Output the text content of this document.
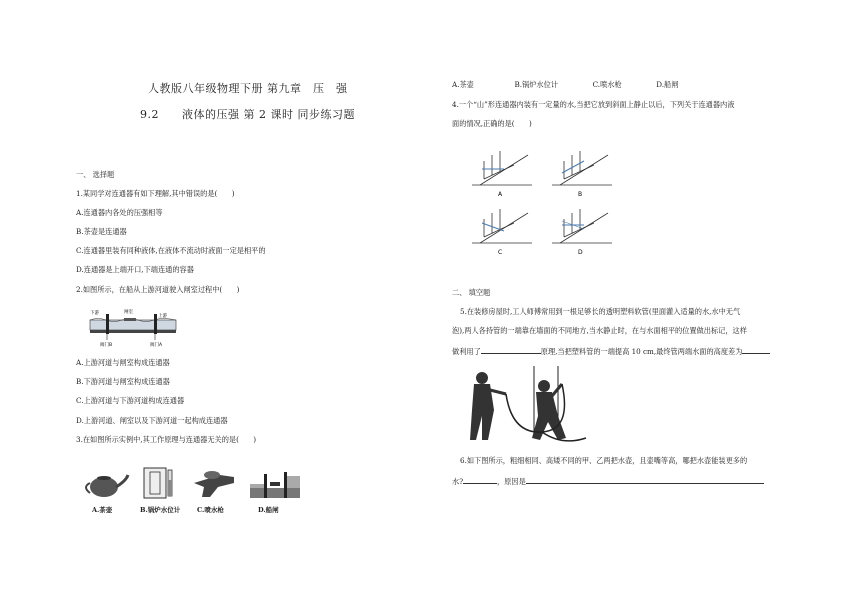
人教版八年级物理下册 第九章　压　强
9.2　　液体的压强 第 2 课时 同步练习题
一、 选择题
1.某同学对连通器有如下理解,其中错误的是(　　)
A.连通器内各处的压强相等
B.茶壶是连通器
C.连通器里装有同种液体,在液体不流动时液面一定是相平的
D.连通器是上端开口,下端连通的容器
2.如图所示，在船从上游河道驶入闸室过程中(　　)
下游	闸室
上游
阀门B	阀门A
A.上游河道与闸室构成连通器
B.下游河道与闸室构成连通器
C.上游河道与下游河道构成连通器
D.上游河道、闸室以及下游河道一起构成连通器
3.在如图所示实例中,其工作原理与连通器无关的是(　　)
A.茶壶	B.锅炉水位计	C.喷水枪	D.船闸
A.茶壶	B.锅炉水位计	C.喷水枪	D.船闸
4.一个“山”形连通器内装有一定量的水,当把它放到斜面上静止以后，下列关于连通器内液
面的情况,正确的是(　　)
A	B
C	D
二、 填空题
5.在装修房屋时,工人师傅常用到一根足够长的透明塑料软管(里面灌入适量的水,水中无气
泡),两人各持管的一端靠在墙面的不同地方,当水静止时，在与水面相平的位置做出标记，这样
做利用了	原理,当把塑料管的一端提高 10 cm,最终管两端水面的高度差为
6.如下图所示，粗细相同、高矮不同的甲、乙两把水壶，且壶嘴等高，哪把水壶能装更多的
水?	，原因是
